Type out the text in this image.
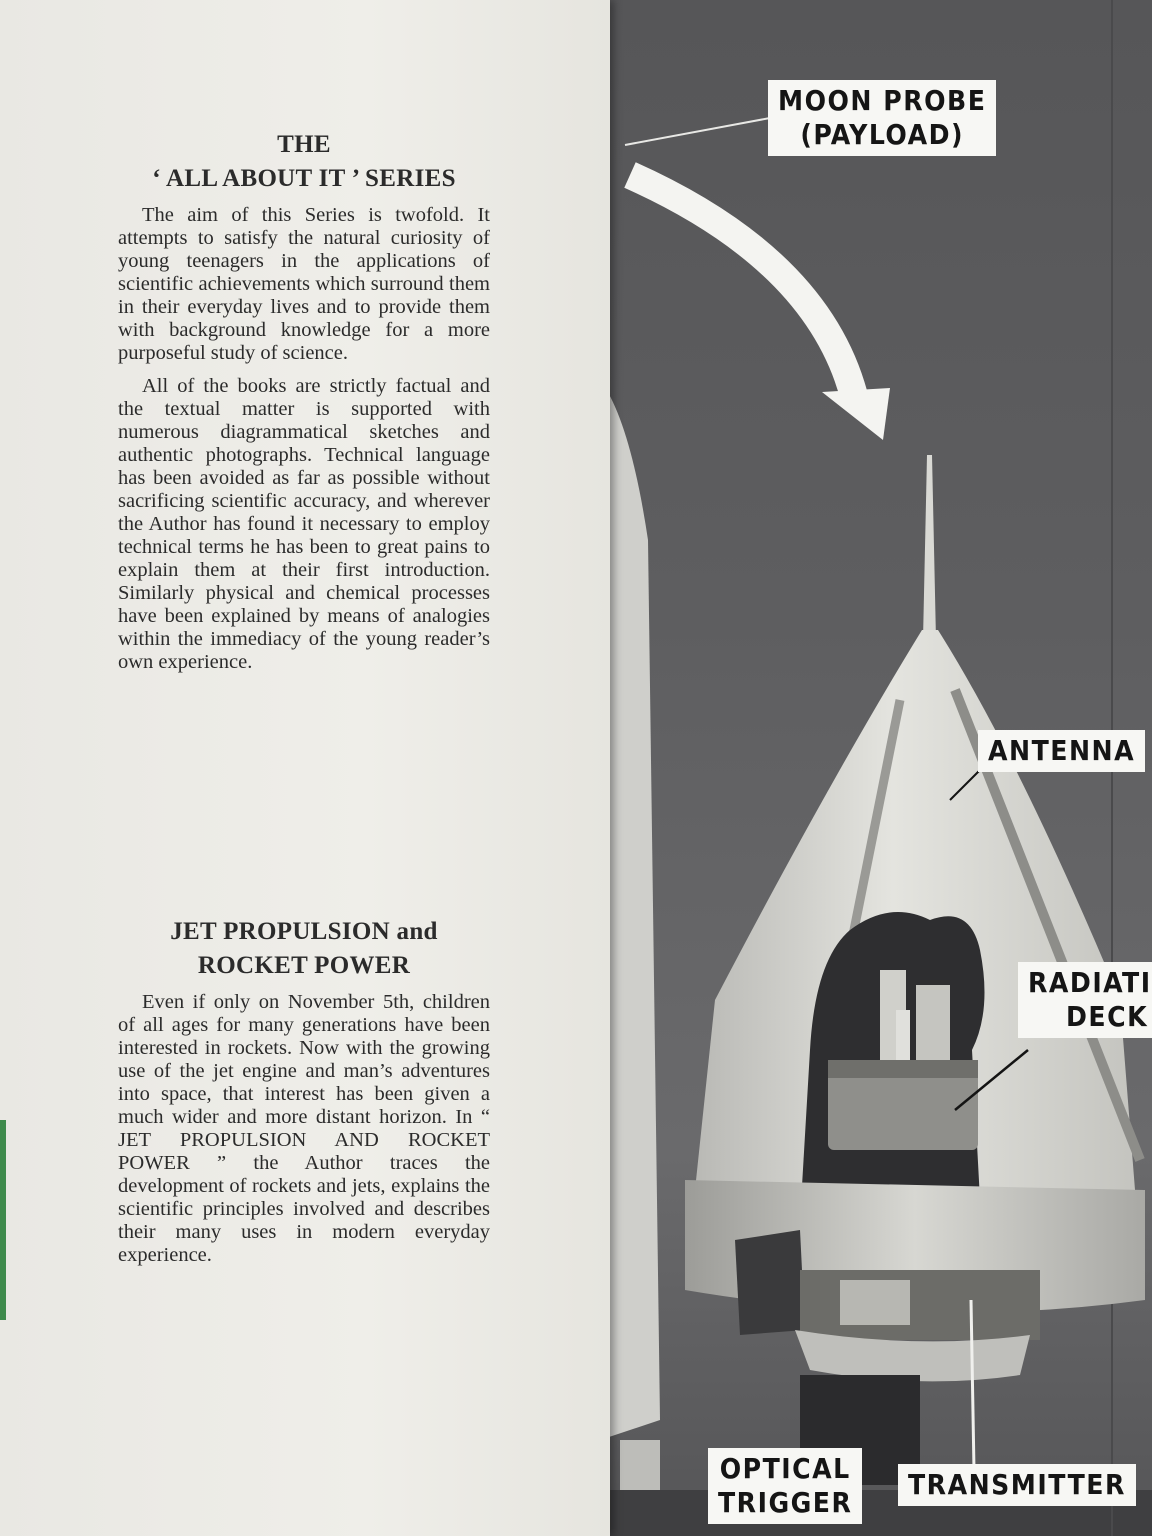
THE
‘ ALL ABOUT IT ’ SERIES

The aim of this Series is twofold. It attempts to satisfy the natural curiosity of young teenagers in the applications of scientific achievements which surround them in their everyday lives and to provide them with background knowledge for a more purposeful study of science.

All of the books are strictly factual and the textual matter is supported with numerous diagrammatical sketches and authentic photographs. Technical language has been avoided as far as possible without sacrificing scientific accuracy, and wherever the Author has found it necessary to employ technical terms he has been to great pains to explain them at their first introduction. Similarly physical and chemical processes have been explained by means of analogies within the immediacy of the young reader’s own experience.

JET PROPULSION and
ROCKET POWER

Even if only on November 5th, children of all ages for many generations have been interested in rockets. Now with the growing use of the jet engine and man’s adventures into space, that interest has been given a much wider and more distant horizon. In “ JET PROPULSION AND ROCKET POWER ” the Author traces the development of rockets and jets, explains the scientific principles involved and describes their many uses in modern everyday experience.

MOON PROBE
(PAYLOAD)
ANTENNA
RADIATI
DECK
TRANSMITTER
OPTICAL
TRIGGER
